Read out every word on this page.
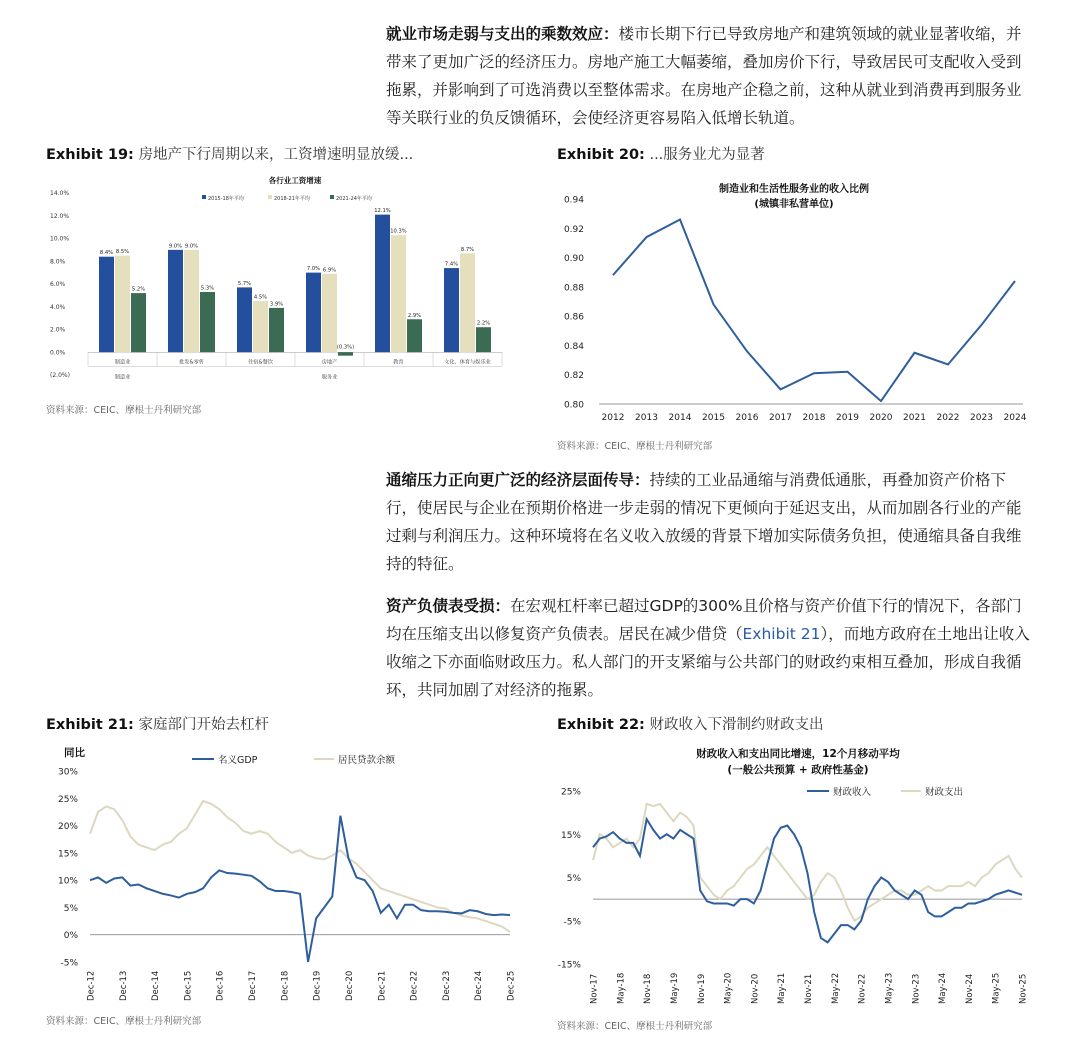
就业市场走弱与支出的乘数效应：楼市长期下行已导致房地产和建筑领域的就业显著收缩，并带来了更加广泛的经济压力。房地产施工大幅萎缩，叠加房价下行，导致居民可支配收入受到拖累，并影响到了可选消费以至整体需求。在房地产企稳之前，这种从就业到消费再到服务业等关联行业的负反馈循环，会使经济更容易陷入低增长轨道。
Exhibit 19: 房地产下行周期以来，工资增速明显放缓...	Exhibit 20: ...服务业尤为显著
各行业工资增速
2015-18年平均	2018-21年平均	2021-24年平均
(2.0%)
0.0%
2.0%
4.0%
6.0%
8.0%
10.0%
12.0%
14.0%
8.4% 8.5%
5.2%
制造业
9.0% 9.0%
5.3%
批发&零售
5.7%
4.5%
3.9%
住宿&餐饮
7.0% 6.9%
(0.3%)
房地产
12.1%
10.3%
2.9%
教育
7.4%
8.7%
2.2%
文化、体育与娱乐业
制造业	服务业
资料来源：CEIC、摩根士丹利研究部
制造业和生活性服务业的收入比例
(城镇非私营单位)
0.80
0.82
0.84
0.86
0.88
0.90
0.92
0.94
2012 2013 2014 2015 2016 2017 2018 2019 2020 2021 2022 2023 2024
资料来源：CEIC、摩根士丹利研究部
通缩压力正向更广泛的经济层面传导：持续的工业品通缩与消费低通胀，再叠加资产价格下行，使居民与企业在预期价格进一步走弱的情况下更倾向于延迟支出，从而加剧各行业的产能过剩与利润压力。这种环境将在名义收入放缓的背景下增加实际债务负担，使通缩具备自我维持的特征。
资产负债表受损：在宏观杠杆率已超过GDP的300%且价格与资产价值下行的情况下，各部门均在压缩支出以修复资产负债表。居民在减少借贷（Exhibit 21），而地方政府在土地出让收入收缩之下亦面临财政压力。私人部门的开支紧缩与公共部门的财政约束相互叠加，形成自我循环，共同加剧了对经济的拖累。
Exhibit 21: 家庭部门开始去杠杆	Exhibit 22: 财政收入下滑制约财政支出
同比
名义GDP	居民贷款余额
-5%
0%
5%
10%
15%
20%
25%
30%
Dec-12	Dec-13	Dec-14	Dec-15	Dec-16	Dec-17	Dec-18	Dec-19	Dec-20	Dec-21	Dec-22	Dec-23	Dec-24	Dec-25
资料来源：CEIC、摩根士丹利研究部
财政收入和支出同比增速，12个月移动平均
(一般公共预算 + 政府性基金)
财政收入	财政支出
-15%
-5%
5%
15%
25%
Nov-17 May-18 Nov-18 May-19 Nov-19 May-20 Nov-20 May-21 Nov-21 May-22 Nov-22 May-23 Nov-23 May-24 Nov-24 May-25 Nov-25
资料来源：CEIC、摩根士丹利研究部
